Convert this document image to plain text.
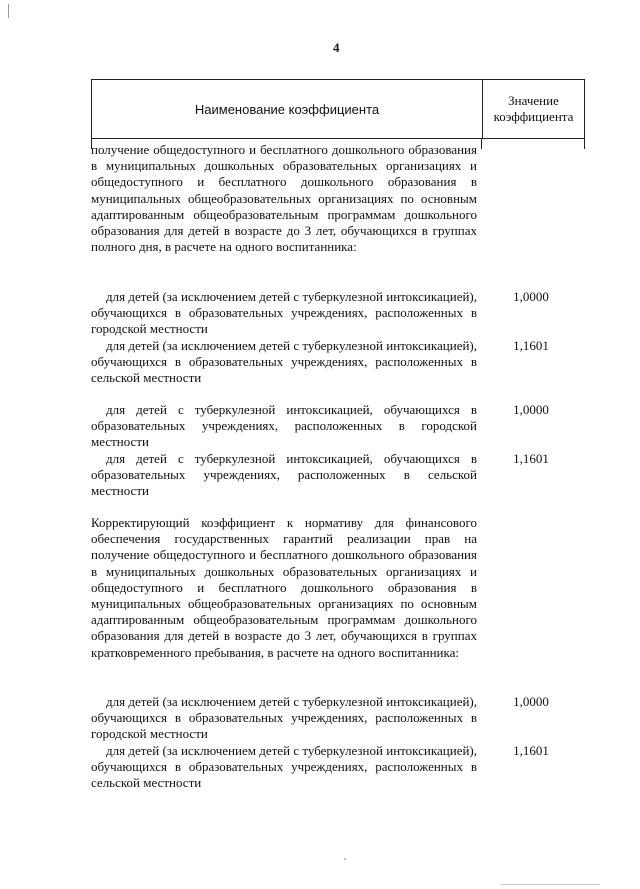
4
Наименование коэффициента
Значение
коэффициента
получение общедоступного и бесплатного дошкольного образования в муниципальных дошкольных образовательных организациях и общедоступного и бесплатного дошкольного образования в муниципальных общеобразовательных организациях по основным адаптированным общеобразовательным программам дошкольного образования для детей в возрасте до 3 лет, обучающихся в группах полного дня, в расчете на одного воспитанника:
для детей (за исключением детей с туберкулезной интоксикацией), обучающихся в образовательных учреждениях, расположенных в городской местности
1,0000
для детей (за исключением детей с туберкулезной интоксикацией), обучающихся в образовательных учреждениях, расположенных в сельской местности
1,1601
для детей с туберкулезной интоксикацией, обучающихся в образовательных учреждениях, расположенных в городской местности
1,0000
для детей с туберкулезной интоксикацией, обучающихся в образовательных учреждениях, расположенных в сельской местности
1,1601
Корректирующий коэффициент к нормативу для финансового обеспечения государственных гарантий реализации прав на получение общедоступного и бесплатного дошкольного образования в муниципальных дошкольных образовательных организациях и общедоступного и бесплатного дошкольного образования в муниципальных общеобразовательных организациях по основным адаптированным общеобразовательным программам дошкольного образования для детей в возрасте до 3 лет, обучающихся в группах кратковременного пребывания, в расчете на одного воспитанника:
для детей (за исключением детей с туберкулезной интоксикацией), обучающихся в образовательных учреждениях, расположенных в городской местности
1,0000
для детей (за исключением детей с туберкулезной интоксикацией), обучающихся в образовательных учреждениях, расположенных в сельской местности
1,1601
